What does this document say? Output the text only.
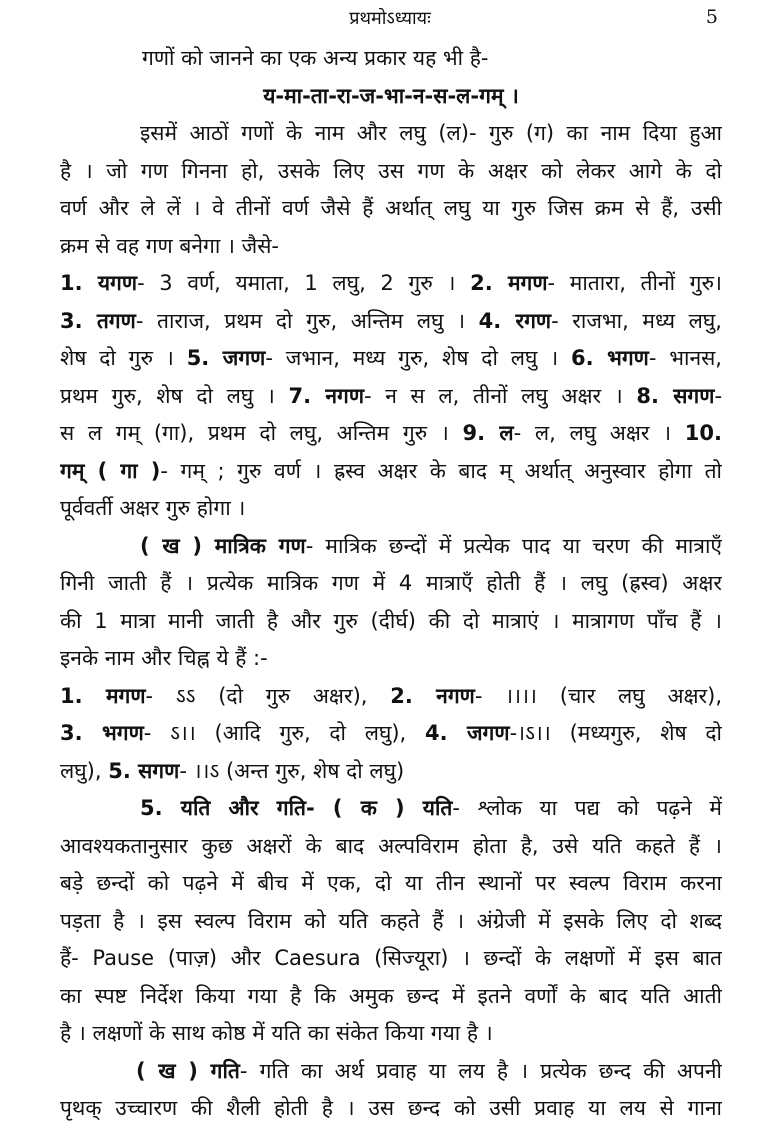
प्रथमोऽध्यायः	5
गणों को जानने का एक अन्य प्रकार यह भी है-
य-मा-ता-रा-ज-भा-न-स-ल-गम् ।
इसमें आठों गणों के नाम और लघु (ल)- गुरु (ग) का नाम दिया हुआ
है । जो गण गिनना हो, उसके लिए उस गण के अक्षर को लेकर आगे के दो
वर्ण और ले लें । वे तीनों वर्ण जैसे हैं अर्थात् लघु या गुरु जिस क्रम से हैं, उसी
क्रम से वह गण बनेगा । जैसे-
1. यगण- 3 वर्ण, यमाता, 1 लघु, 2 गुरु । 2. मगण- मातारा, तीनों गुरु।
3. तगण- ताराज, प्रथम दो गुरु, अन्तिम लघु । 4. रगण- राजभा, मध्य लघु,
शेष दो गुरु । 5. जगण- जभान, मध्य गुरु, शेष दो लघु । 6. भगण- भानस,
प्रथम गुरु, शेष दो लघु । 7. नगण- न स ल, तीनों लघु अक्षर । 8. सगण-
स ल गम् (गा), प्रथम दो लघु, अन्तिम गुरु । 9. ल- ल, लघु अक्षर । 10.
गम् ( गा )- गम् ; गुरु वर्ण । ह्रस्व अक्षर के बाद म् अर्थात् अनुस्वार होगा तो
पूर्ववर्ती अक्षर गुरु होगा ।
( ख ) मात्रिक गण- मात्रिक छन्दों में प्रत्येक पाद या चरण की मात्राएँ
गिनी जाती हैं । प्रत्येक मात्रिक गण में 4 मात्राएँ होती हैं । लघु (ह्रस्व) अक्षर
की 1 मात्रा मानी जाती है और गुरु (दीर्घ) की दो मात्राएं । मात्रागण पाँच हैं ।
इनके नाम और चिह्न ये हैं :-
1. मगण- ऽऽ (दो गुरु अक्षर), 2. नगण- ।।।। (चार लघु अक्षर),
3. भगण- ऽ।। (आदि गुरु, दो लघु), 4. जगण-।ऽ।। (मध्यगुरु, शेष दो
लघु), 5. सगण- ।।ऽ (अन्त गुरु, शेष दो लघु)
5. यति और गति- ( क ) यति- श्लोक या पद्य को पढ़ने में
आवश्यकतानुसार कुछ अक्षरों के बाद अल्पविराम होता है, उसे यति कहते हैं ।
बड़े छन्दों को पढ़ने में बीच में एक, दो या तीन स्थानों पर स्वल्प विराम करना
पड़ता है । इस स्वल्प विराम को यति कहते हैं । अंग्रेजी में इसके लिए दो शब्द
हैं- Pause (पाज़) और Caesura (सिज्यूरा) । छन्दों के लक्षणों में इस बात
का स्पष्ट निर्देश किया गया है कि अमुक छन्द में इतने वर्णों के बाद यति आती
है । लक्षणों के साथ कोष्ठ में यति का संकेत किया गया है ।
( ख ) गति- गति का अर्थ प्रवाह या लय है । प्रत्येक छन्द की अपनी
पृथक् उच्चारण की शैली होती है । उस छन्द को उसी प्रवाह या लय से गाना
